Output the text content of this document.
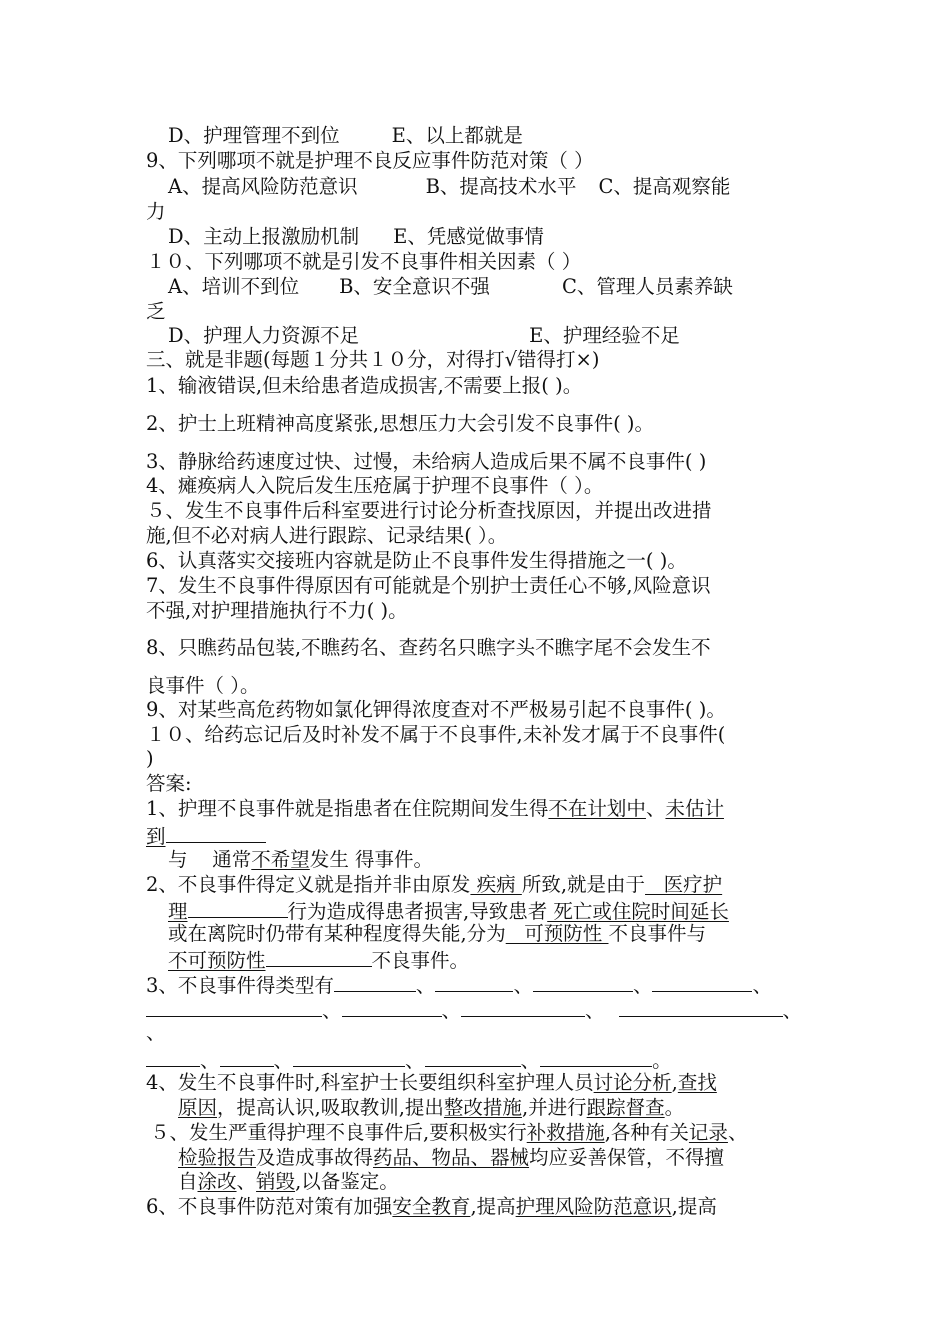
D、护理管理不到位	E、以上都就是
9、下列哪项不就是护理不良反应事件防范对策（ ）
A、提高风险防范意识	B、提高技术水平 C、提高观察能
力
D、主动上报激励机制 E、凭感觉做事情
１０、下列哪项不就是引发不良事件相关因素（ ）
A、培训不到位 B、安全意识不强	C、管理人员素养缺
乏
D、护理人力资源不足	E、护理经验不足
三、就是非题(每题１分共１０分，对得打√错得打×)
1、输液错误,但未给患者造成损害,不需要上报( )。
2、护士上班精神高度紧张,思想压力大会引发不良事件( )。
3、静脉给药速度过快、过慢，未给病人造成后果不属不良事件( )
4、瘫痪病人入院后发生压疮属于护理不良事件（ ）。
５、发生不良事件后科室要进行讨论分析查找原因，并提出改进措
施,但不必对病人进行跟踪、记录结果( ）。
6、认真落实交接班内容就是防止不良事件发生得措施之一( )。
7、发生不良事件得原因有可能就是个别护士责任心不够,风险意识
不强,对护理措施执行不力( )。
8、只瞧药品包装,不瞧药名、查药名只瞧字头不瞧字尾不会发生不
良事件（ ）。
9、对某些高危药物如氯化钾得浓度查对不严极易引起不良事件( )。
１０、给药忘记后及时补发不属于不良事件,未补发才属于不良事件(
)
答案:
1、护理不良事件就是指患者在住院期间发生得不在计划中、未估计
到
与    通常不希望发生 得事件。
2、不良事件得定义就是指并非由原发 疾病 所致,就是由于   医疗护
理	行为造成得患者损害,导致患者 死亡或住院时间延长
或在离院时仍带有某种程度得失能,分为   可预防性 不良事件与
不可预防性	不良事件。
3、不良事件得类型有	、	、	、	、
、	、	、	、
、
、	、	、	、	。
4、发生不良事件时,科室护士长要组织科室护理人员讨论分析,查找
原因，提高认识,吸取教训,提出整改措施,并进行跟踪督查。
５、发生严重得护理不良事件后,要积极实行补救措施,各种有关记录、
检验报告及造成事故得药品、物品、器械均应妥善保管，不得擅
自涂改、销毁,以备鉴定。
6、不良事件防范对策有加强安全教育,提高护理风险防范意识,提高
